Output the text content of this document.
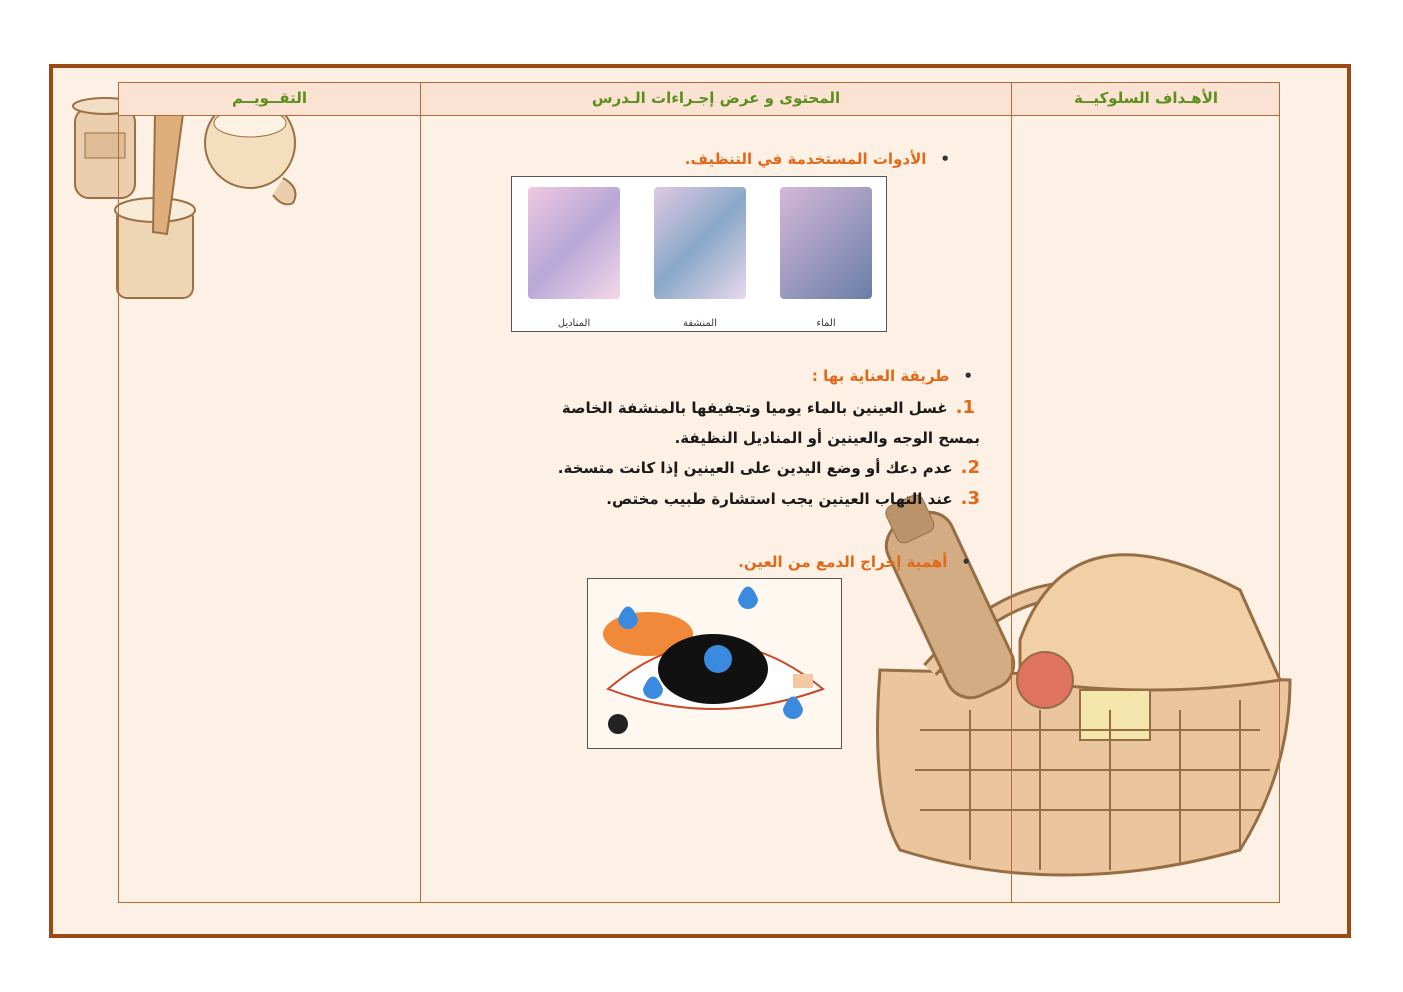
الأهـداف السلوكيــة
المحتوى و عرض إجـراءات الـدرس
التقــويــم
•الأدوات المستخدمة في التنظيف.
الماء
المنشفة
المناديل
•طريقة العناية بها :
1.غسل العينين بالماء يوميا وتجفيفها بالمنشفة الخاصة
بمسح الوجه والعينين أو المناديل النظيفة.
2.عدم دعك أو وضع اليدين على العينين إذا كانت متسخة.
3.عند التهاب العينين يجب استشارة طبيب مختص.
•أهمية إخراج الدمع من العين.
